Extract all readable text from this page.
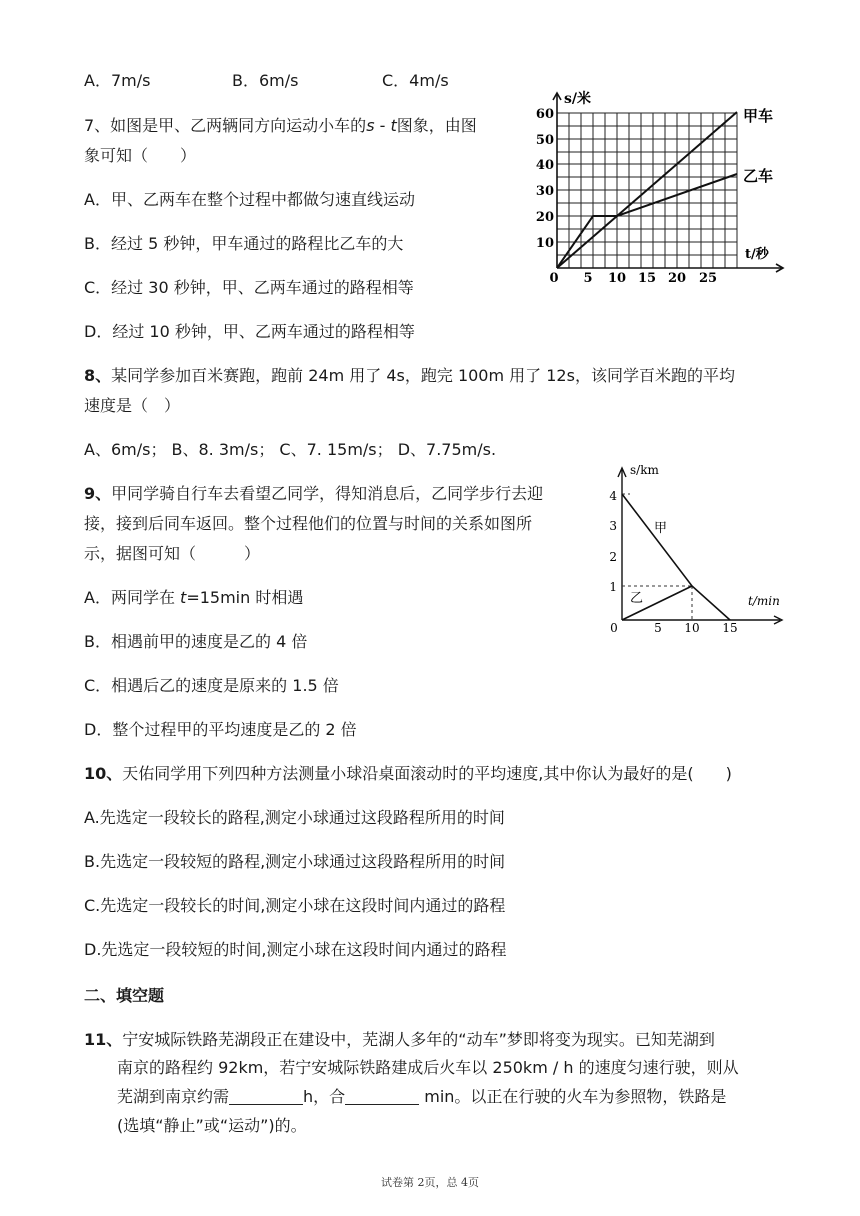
A．7m/s	B．6m/s	C．4m/s
7、如图是甲、乙两辆同方向运动小车的s - t图象，由图
象可知（　　）
A．甲、乙两车在整个过程中都做匀速直线运动
B．经过 5 秒钟，甲车通过的路程比乙车的大
C．经过 30 秒钟，甲、乙两车通过的路程相等
D．经过 10 秒钟，甲、乙两车通过的路程相等
s/米
t/秒
60
50
40
30
20
10
0 5 10 15 20 25
甲车
乙车
8、某同学参加百米赛跑，跑前 24m 用了 4s，跑完 100m 用了 12s，该同学百米跑的平均
速度是（　）
A、6m/s； B、8. 3m/s； C、7. 15m/s； D、7.75m/s.
9、甲同学骑自行车去看望乙同学，得知消息后，乙同学步行去迎
接，接到后同车返回。整个过程他们的位置与时间的关系如图所
示，据图可知（　　　）
A．两同学在 t=15min 时相遇
B．相遇前甲的速度是乙的 4 倍
C．相遇后乙的速度是原来的 1.5 倍
D．整个过程甲的平均速度是乙的 2 倍
s/km
t/min
4
3
2
1
0	5 10 15
甲
乙
10、天佑同学用下列四种方法测量小球沿桌面滚动时的平均速度,其中你认为最好的是(　　)
A.先选定一段较长的路程,测定小球通过这段路程所用的时间
B.先选定一段较短的路程,测定小球通过这段路程所用的时间
C.先选定一段较长的时间,测定小球在这段时间内通过的路程
D.先选定一段较短的时间,测定小球在这段时间内通过的路程
二、填空题
11、宁安城际铁路芜湖段正在建设中，芜湖人多年的“动车”梦即将变为现实。已知芜湖到
南京的路程约 92km，若宁安城际铁路建成后火车以 250km / h 的速度匀速行驶，则从
芜湖到南京约需	h，合	min。以正在行驶的火车为参照物，铁路是
(选填“静止”或“运动”)的。
试卷第 2页，总 4页
